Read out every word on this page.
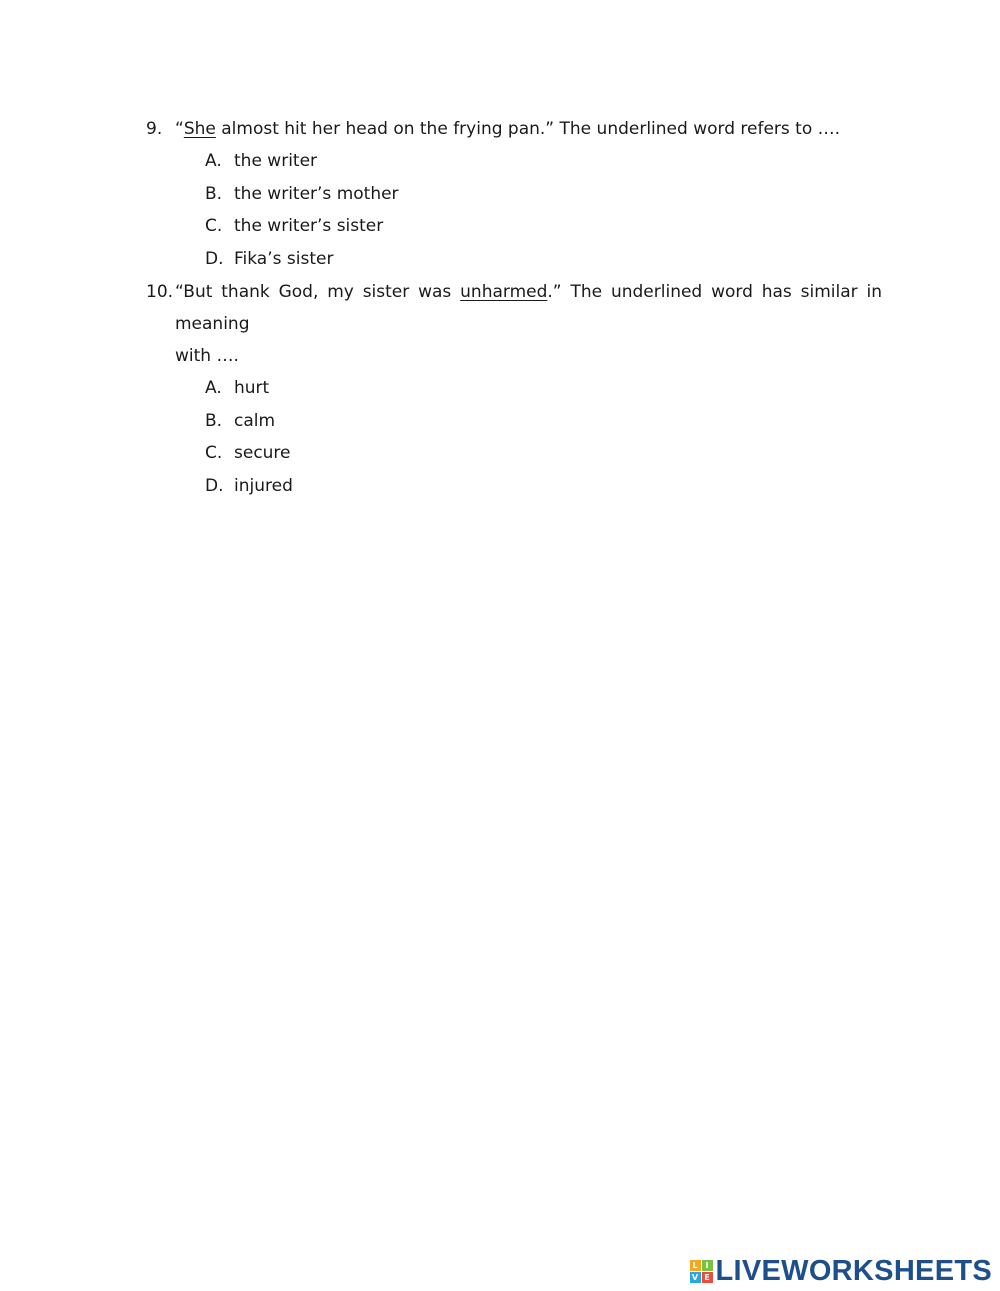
9. “She almost hit her head on the frying pan.” The underlined word refers to ….
A. the writer
B. the writer’s mother
C. the writer’s sister
D. Fika’s sister
10. “But thank God, my sister was unharmed.” The underlined word has similar in meaning
with ….
A. hurt
B. calm
C. secure
D. injured
L I
V E LIVEWORKSHEETS
